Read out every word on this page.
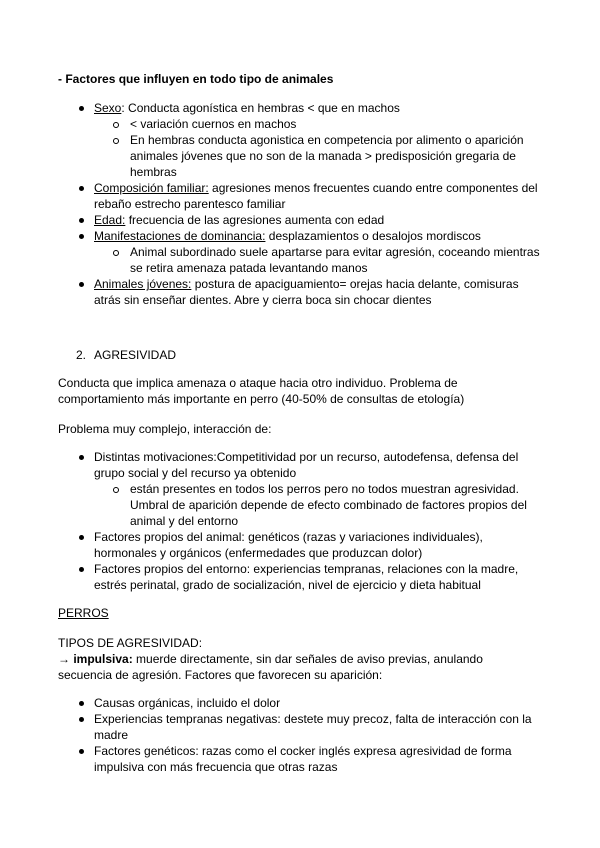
- Factores que influyen en todo tipo de animales
Sexo: Conducta agonística en hembras < que en machos
< variación cuernos en machos
En hembras conducta agonistica en competencia por alimento o aparición
animales jóvenes que no son de la manada > predisposición gregaria de
hembras
Composición familiar: agresiones menos frecuentes cuando entre componentes del
rebaño estrecho parentesco familiar
Edad: frecuencia de las agresiones aumenta con edad
Manifestaciones de dominancia: desplazamientos o desalojos mordiscos
Animal subordinado suele apartarse para evitar agresión, coceando mientras
se retira amenaza patada levantando manos
Animales jóvenes: postura de apaciguamiento= orejas hacia delante, comisuras
atrás sin enseñar dientes. Abre y cierra boca sin chocar dientes
2. AGRESIVIDAD
Conducta que implica amenaza o ataque hacia otro individuo. Problema de
comportamiento más importante en perro (40-50% de consultas de etología)
Problema muy complejo, interacción de:
Distintas motivaciones:Competitividad por un recurso, autodefensa, defensa del
grupo social y del recurso ya obtenido
están presentes en todos los perros pero no todos muestran agresividad.
Umbral de aparición depende de efecto combinado de factores propios del
animal y del entorno
Factores propios del animal: genéticos (razas y variaciones individuales),
hormonales y orgánicos (enfermedades que produzcan dolor)
Factores propios del entorno: experiencias tempranas, relaciones con la madre,
estrés perinatal, grado de socialización, nivel de ejercicio y dieta habitual
PERROS
TIPOS DE AGRESIVIDAD:
→ impulsiva: muerde directamente, sin dar señales de aviso previas, anulando
secuencia de agresión. Factores que favorecen su aparición:
Causas orgánicas, incluido el dolor
Experiencias tempranas negativas: destete muy precoz, falta de interacción con la
madre
Factores genéticos: razas como el cocker inglés expresa agresividad de forma
impulsiva con más frecuencia que otras razas
